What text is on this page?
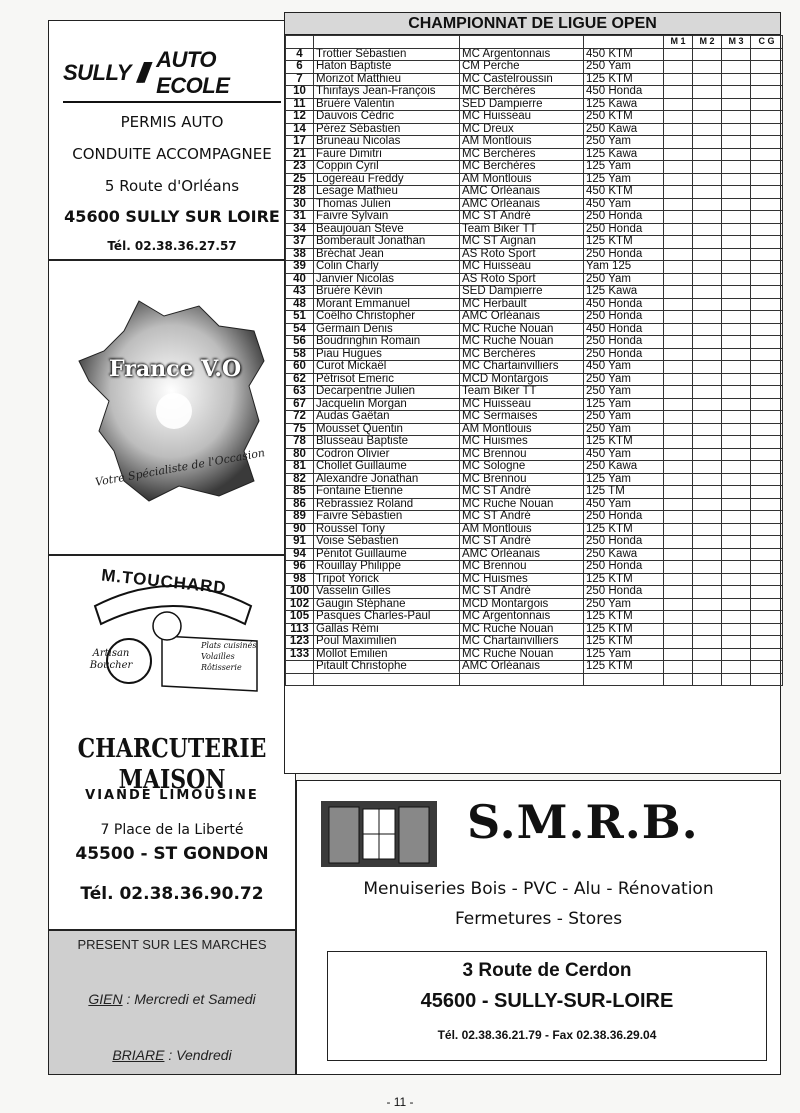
SULLY //// AUTO ECOLE
PERMIS AUTO
CONDUITE ACCOMPAGNEE
5 Route d'Orléans
45600 SULLY SUR LOIRE
Tél. 02.38.36.27.57
France V.O
Votre Spécialiste de l'Occasion
M.TOUCHARD
Artisan
Boucher
Plats cuisinés Volailles Rôtisserie
CHARCUTERIE MAISON
VIANDE LIMOUSINE
7 Place de la Liberté
45500 - ST GONDON
Tél. 02.38.36.90.72
PRESENT SUR LES MARCHES
GIEN : Mercredi et Samedi
BRIARE : Vendredi
CHAMPIONNAT DE LIGUE OPEN
				M 1	M 2	M 3	C G
4	Trottier Sébastien	MC Argentonnais	450 KTM				
6	Haton Baptiste	CM Perche	250 Yam				
7	Morizot Matthieu	MC Castelroussin	125 KTM				
10	Thirifays Jean-François	MC Berchères	450 Honda				
11	Bruère Valentin	SED Dampierre	125 Kawa				
12	Dauvois Cédric	MC Huisseau	250 KTM				
14	Pérez Sébastien	MC Dreux	250 Kawa				
17	Bruneau Nicolas	AM Montlouis	250 Yam				
21	Faure Dimitri	MC Berchères	125 Kawa				
23	Coppin Cyril	MC Berchères	125 Yam				
25	Logereau Freddy	AM Montlouis	125 Yam				
28	Lesage Mathieu	AMC Orléanais	450 KTM				
30	Thomas Julien	AMC Orléanais	450 Yam				
31	Faivre Sylvain	MC ST André	250 Honda				
34	Beaujouan Steve	Team Biker TT	250 Honda				
37	Bomberault Jonathan	MC ST Aignan	125 KTM				
38	Bréchat Jean	AS Roto Sport	250 Honda				
39	Colin Charly	MC Huisseau	Yam 125				
40	Janvier Nicolas	AS Roto Sport	250 Yam				
43	Bruère Kévin	SED Dampierre	125 Kawa				
48	Morant Emmanuel	MC Herbault	450 Honda				
51	Coëlho Christopher	AMC Orléanais	250 Honda				
54	Germain Denis	MC Ruche Nouan	450 Honda				
56	Boudringhin Romain	MC Ruche Nouan	250 Honda				
58	Piau Hugues	MC Berchères	250 Honda				
60	Curot Mickaël	MC Chartainvilliers	450 Yam				
62	Pétrisot Emeric	MCD Montargois	250 Yam				
63	Decarpentrie Julien	Team Biker TT	250 Yam				
67	Jacquelin Morgan	MC Huisseau	125 Yam				
72	Audas Gaëtan	MC Sermaises	250 Yam				
75	Mousset Quentin	AM Montlouis	250 Yam				
78	Blusseau Baptiste	MC Huismes	125 KTM				
80	Codron Olivier	MC Brennou	450 Yam				
81	Chollet Guillaume	MC Sologne	250 Kawa				
82	Alexandre Jonathan	MC Brennou	125 Yam				
85	Fontaine Etienne	MC ST André	125 TM				
86	Rebrassiez Roland	MC Ruche Nouan	450 Yam				
89	Faivre Sébastien	MC ST André	250 Honda				
90	Roussel Tony	AM Montlouis	125 KTM				
91	Voise Sébastien	MC ST André	250 Honda				
94	Pénitot Guillaume	AMC Orléanais	250 Kawa				
96	Rouillay Philippe	MC Brennou	250 Honda				
98	Tripot Yorick	MC Huismes	125 KTM				
100	Vasselin Gilles	MC ST André	250 Honda				
102	Gaugin Stéphane	MCD Montargois	250 Yam				
105	Pasques Charles-Paul	MC Argentonnais	125 KTM				
113	Gallas Rémi	MC Ruche Nouan	125 KTM				
123	Poul Maximilien	MC Chartainvilliers	125 KTM				
133	Mollot Emilien	MC Ruche Nouan	125 Yam				
	Pitault Christophe	AMC Orléanais	125 KTM				

S.M.R.B.
Menuiseries Bois - PVC - Alu - Rénovation
Fermetures - Stores
3 Route de Cerdon
45600 - SULLY-SUR-LOIRE
Tél. 02.38.36.21.79 - Fax 02.38.36.29.04
- 11 -
